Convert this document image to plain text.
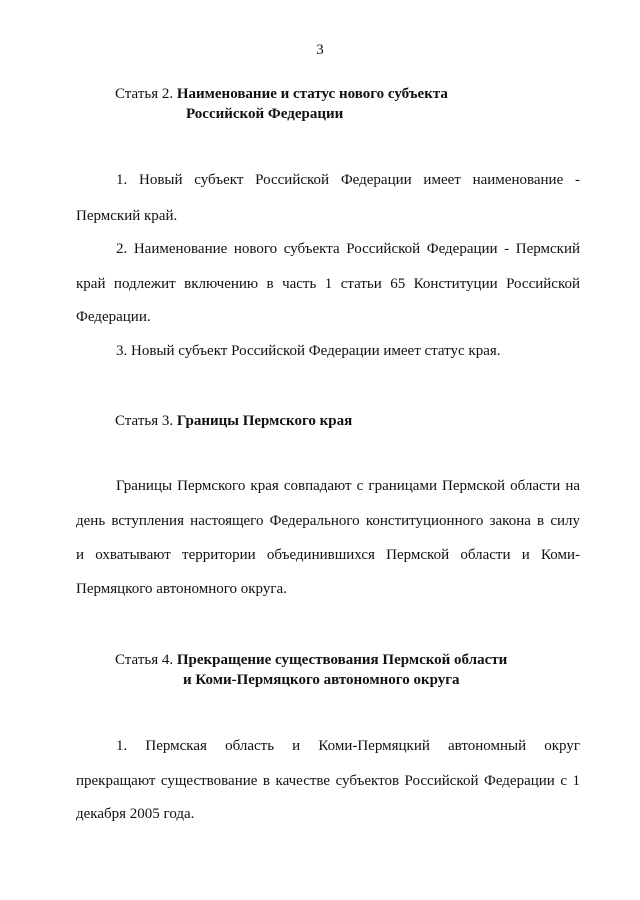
3
Статья 2. Наименование и статус нового субъекта
Российской Федерации
1. Новый субъект Российской Федерации имеет наименование -
Пермский край.
2. Наименование нового субъекта Российской Федерации - Пермский
край подлежит включению в часть 1 статьи 65 Конституции Российской
Федерации.
3. Новый субъект Российской Федерации имеет статус края.
Статья 3. Границы Пермского края
Границы Пермского края совпадают с границами Пермской области на
день вступления настоящего Федерального конституционного закона в силу
и охватывают территории объединившихся Пермской области и Коми-
Пермяцкого автономного округа.
Статья 4. Прекращение существования Пермской области
и Коми-Пермяцкого автономного округа
1. Пермская область и Коми-Пермяцкий автономный округ
прекращают существование в качестве субъектов Российской Федерации с 1
декабря 2005 года.
